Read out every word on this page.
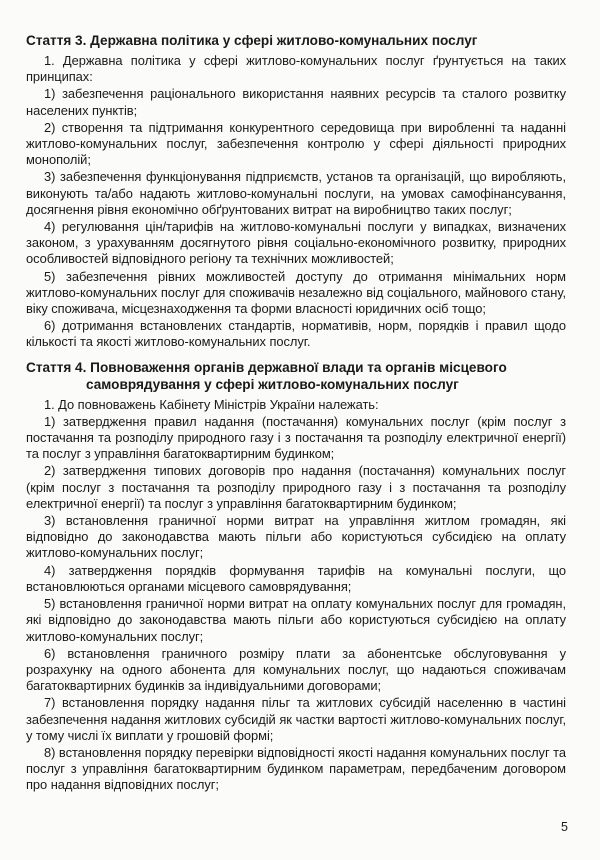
Стаття 3. Державна політика у сфері житлово-комунальних послуг

1. Державна політика у сфері житлово-комунальних послуг ґрунтується на таких принципах:

1) забезпечення раціонального використання наявних ресурсів та сталого розвитку населених пунктів;

2) створення та підтримання конкурентного середовища при виробленні та наданні житлово-комунальних послуг, забезпечення контролю у сфері діяльності природних монополій;

3) забезпечення функціонування підприємств, установ та організацій, що виробляють, виконують та/або надають житлово-комунальні послуги, на умовах самофінансування, досягнення рівня економічно обґрунтованих витрат на виробництво таких послуг;

4) регулювання цін/тарифів на житлово-комунальні послуги у випадках, визначених законом, з урахуванням досягнутого рівня соціально-економічного розвитку, природних особливостей відповідного регіону та технічних можливостей;

5) забезпечення рівних можливостей доступу до отримання мінімальних норм житлово-комунальних послуг для споживачів незалежно від соціального, майнового стану, віку споживача, місцезнаходження та форми власності юридичних осіб тощо;

6) дотримання встановлених стандартів, нормативів, норм, порядків і правил щодо кількості та якості житлово-комунальних послуг.

Стаття 4. Повноваження органів державної влади та органів місцевого
самоврядування у сфері житлово-комунальних послуг

1. До повноважень Кабінету Міністрів України належать:

1) затвердження правил надання (постачання) комунальних послуг (крім послуг з постачання та розподілу природного газу і з постачання та розподілу електричної енергії) та послуг з управління багатоквартирним будинком;

2) затвердження типових договорів про надання (постачання) комунальних послуг (крім послуг з постачання та розподілу природного газу і з постачання та розподілу електричної енергії) та послуг з управління багатоквартирним будинком;

3) встановлення граничної норми витрат на управління житлом громадян, які відповідно до законодавства мають пільги або користуються субсидією на оплату житлово-комунальних послуг;

4) затвердження порядків формування тарифів на комунальні послуги, що встановлюються органами місцевого самоврядування;

5) встановлення граничної норми витрат на оплату комунальних послуг для громадян, які відповідно до законодавства мають пільги або користуються субсидією на оплату житлово-комунальних послуг;

6) встановлення граничного розміру плати за абонентське обслуговування у розрахунку на одного абонента для комунальних послуг, що надаються споживачам багатоквартирних будинків за індивідуальними договорами;

7) встановлення порядку надання пільг та житлових субсидій населенню в частині забезпечення надання житлових субсидій як частки вартості житлово-комунальних послуг, у тому числі їх виплати у грошовій формі;

8) встановлення порядку перевірки відповідності якості надання комунальних послуг та послуг з управління багатоквартирним будинком параметрам, передбаченим договором про надання відповідних послуг;

5
